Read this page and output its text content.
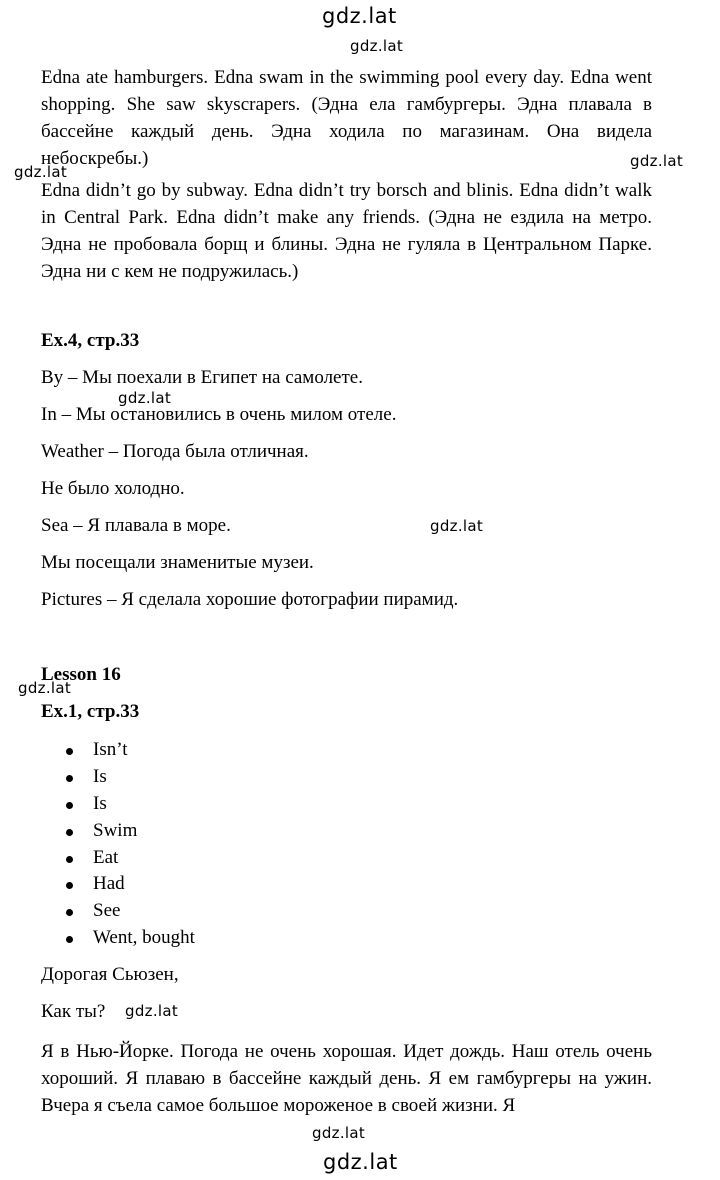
gdz.lat
gdz.lat
gdz.lat
gdz.lat
gdz.lat
gdz.lat
gdz.lat
gdz.lat
gdz.lat
gdz.lat

Edna ate hamburgers. Edna swam in the swimming pool every day. Edna went shopping. She saw skyscrapers. (Эдна ела гамбургеры. Эдна плавала в бассейне каждый день. Эдна ходила по магазинам. Она видела небоскребы.)

Edna didn’t go by subway. Edna didn’t try borsch and blinis. Edna didn’t walk in Central Park. Edna didn’t make any friends. (Эдна не ездила на метро. Эдна не пробовала борщ и блины. Эдна не гуляла в Центральном Парке. Эдна ни с кем не подружилась.)

Ex.4, стр.33
By – Мы поехали в Египет на самолете.
In – Мы остановились в очень милом отеле.
Weather – Погода была отличная.
Не было холодно.
Sea – Я плавала в море.
Мы посещали знаменитые музеи.
Pictures – Я сделала хорошие фотографии пирамид.
Lesson 16
Ex.1, стр.33
Isn’t
Is
Is
Swim
Eat
Had
See
Went, bought
Дорогая Сьюзен,
Как ты?

Я в Нью-Йорке. Погода не очень хорошая. Идет дождь. Наш отель очень хороший. Я плаваю в бассейне каждый день. Я ем гамбургеры на ужин. Вчера я съела самое большое мороженое в своей жизни. Я
